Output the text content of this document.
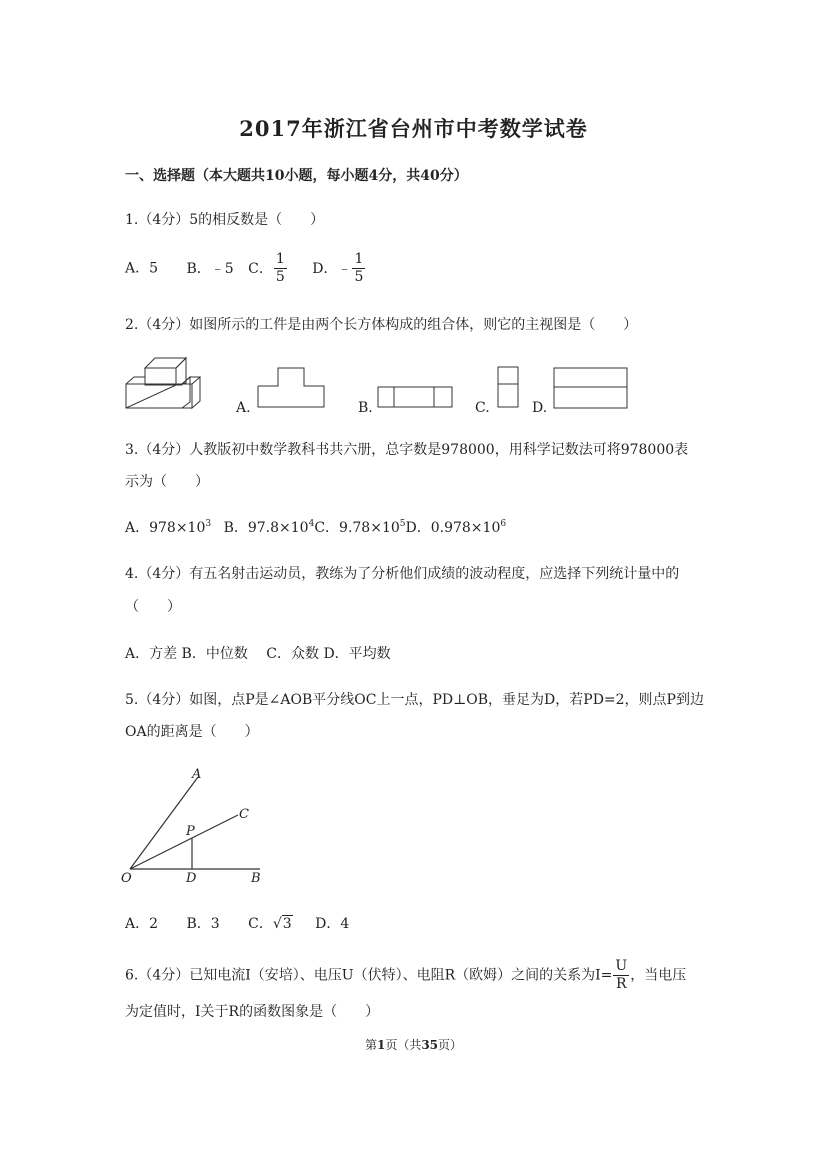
2017年浙江省台州市中考数学试卷
一、选择题（本大题共10小题，每小题4分，共40分）
1.（4分）5的相反数是（　　）
A．5 B．﹣5 C． $\frac{1}{5}$ D．﹣ $\frac{1}{5}$
2.（4分）如图所示的工件是由两个长方体构成的组合体，则它的主视图是（　　）
A.	B.	C.	D.
3.（4分）人教版初中数学教科书共六册，总字数是978000，用科学记数法可将978000表
示为（　　）
A．$978\times 10^3$ B．$97.8\times 10^4C$．$9.78\times 10^5D$．$0.978\times 10^6$
4.（4分）有五名射击运动员，教练为了分析他们成绩的波动程度，应选择下列统计量中的
（　　）
A．方差 B．中位数　 C．众数 D．平均数
5.（4分）如图，点P是∠AOB平分线OC上一点，PD⊥OB，垂足为D，若PD=2，则点P到边
OA的距离是（　　）
A
C
P
O	D	B
A．2 B．3 C．√3 D．4
6.（4分）已知电流I（安培）、电压U（伏特）、电阻R（欧姆）之间的关系为$I= \frac{U}{R}$ ，当电压
为定值时，I关于R的函数图象是（　　）
第1页（共35页）
